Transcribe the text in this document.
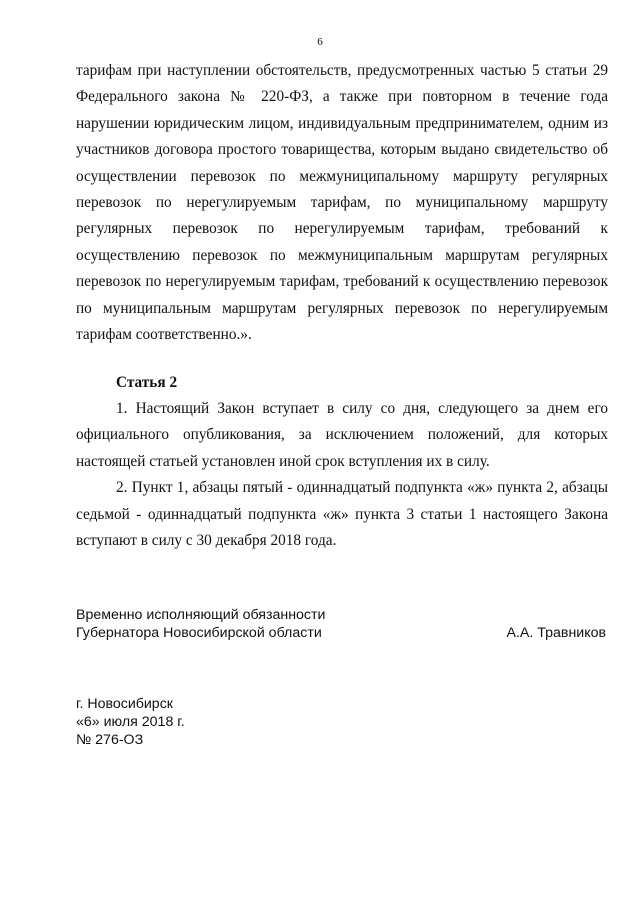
6

тарифам при наступлении обстоятельств, предусмотренных частью 5 статьи 29 Федерального закона № 220-ФЗ, а также при повторном в течение года нарушении юридическим лицом, индивидуальным предпринимателем, одним из участников договора простого товарищества, которым выдано свидетельство об осуществлении перевозок по межмуниципальному маршруту регулярных перевозок по нерегулируемым тарифам, по муниципальному маршруту регулярных перевозок по нерегулируемым тарифам, требований к осуществлению перевозок по межмуниципальным маршрутам регулярных перевозок по нерегулируемым тарифам, требований к осуществлению перевозок по муниципальным маршрутам регулярных перевозок по нерегулируемым тарифам соответственно.».

Статья 2

1. Настоящий Закон вступает в силу со дня, следующего за днем его официального опубликования, за исключением положений, для которых настоящей статьей установлен иной срок вступления их в силу.

2. Пункт 1, абзацы пятый - одиннадцатый подпункта «ж» пункта 2, абзацы седьмой - одиннадцатый подпункта «ж» пункта 3 статьи 1 настоящего Закона вступают в силу с 30 декабря 2018 года.

Временно исполняющий обязанности
Губернатора Новосибирской области	А.А. Травников
г. Новосибирск
«6» июля 2018 г.
№ 276-ОЗ
